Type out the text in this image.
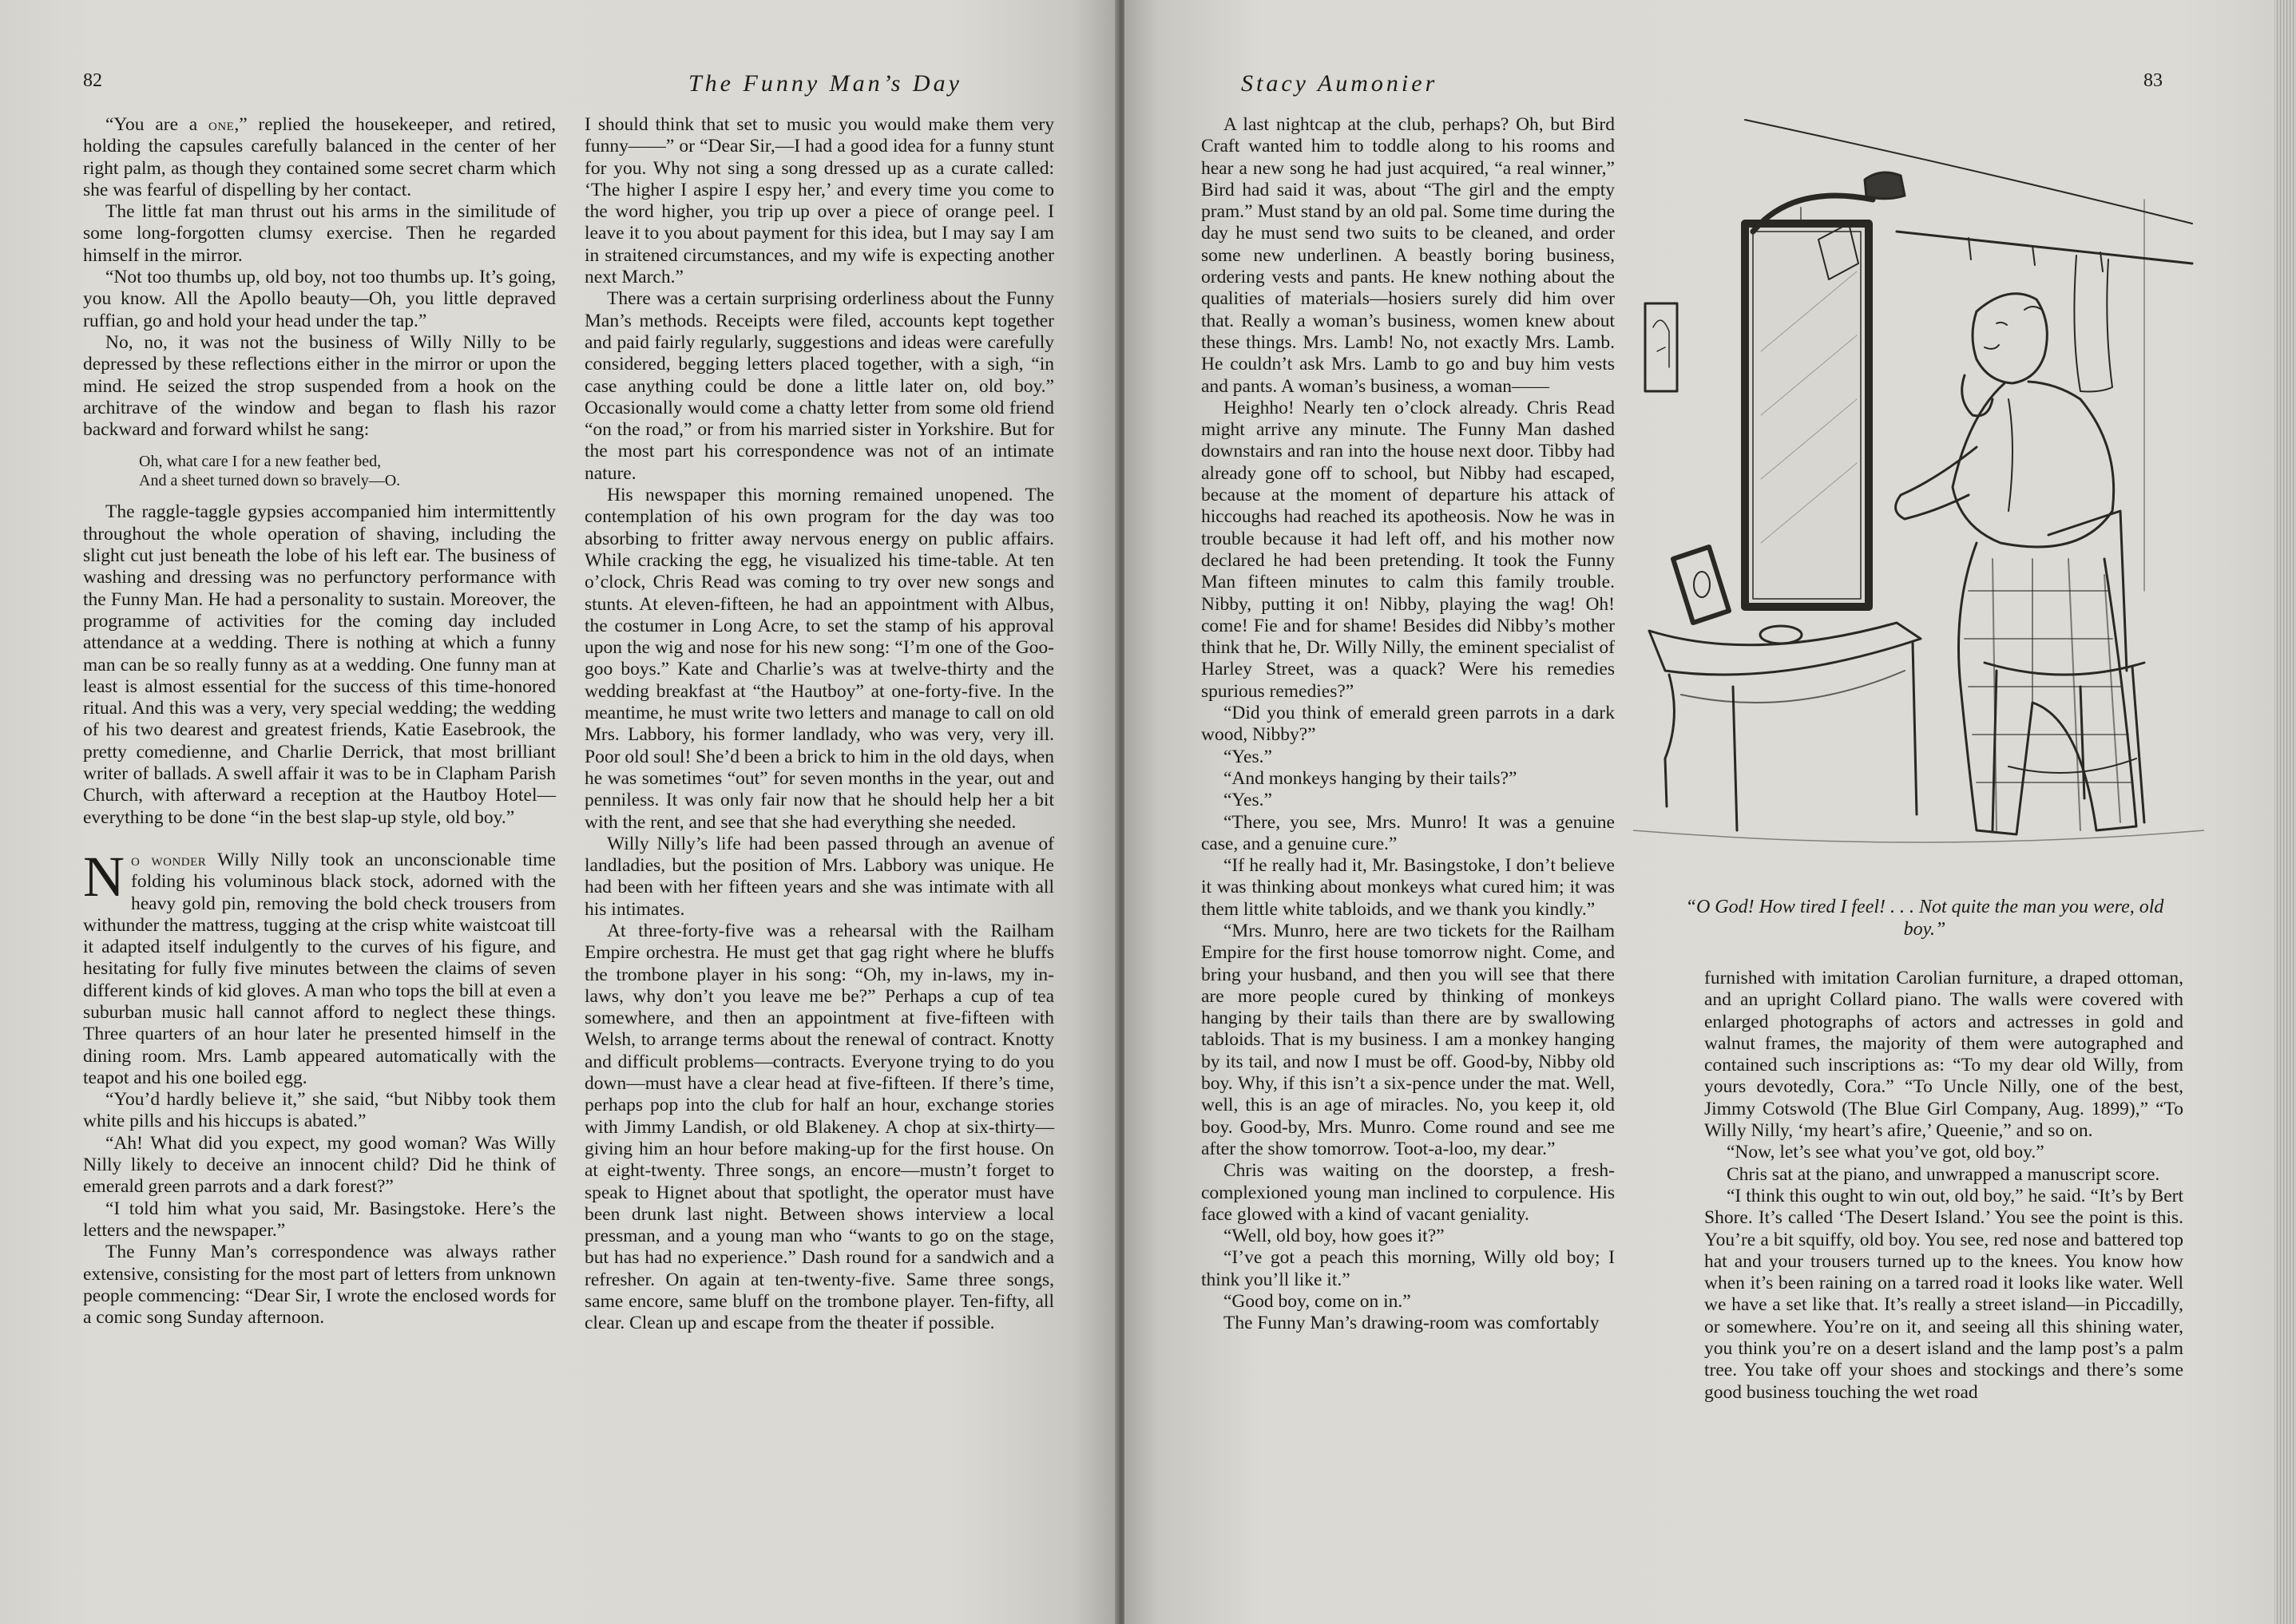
82	The Funny Man’s Day

“You are a one,” replied the housekeeper, and retired, holding the capsules carefully balanced in the center of her right palm, as though they contained some secret charm which she was fearful of dispelling by her contact.

The little fat man thrust out his arms in the similitude of some long-forgotten clumsy exercise. Then he regarded himself in the mirror.

“Not too thumbs up, old boy, not too thumbs up. It’s going, you know. All the Apollo beauty—Oh, you little depraved ruffian, go and hold your head under the tap.”

No, no, it was not the business of Willy Nilly to be depressed by these reflections either in the mirror or upon the mind. He seized the strop suspended from a hook on the architrave of the window and began to flash his razor backward and forward whilst he sang:

Oh, what care I for a new feather bed,
And a sheet turned down so bravely—O.

The raggle-taggle gypsies accompanied him intermittently throughout the whole operation of shaving, including the slight cut just beneath the lobe of his left ear. The business of washing and dressing was no perfunctory performance with the Funny Man. He had a personality to sustain. Moreover, the programme of activities for the coming day included attendance at a wedding. There is nothing at which a funny man can be so really funny as at a wedding. One funny man at least is almost essential for the success of this time-honored ritual. And this was a very, very special wedding; the wedding of his two dearest and greatest friends, Katie Easebrook, the pretty comedienne, and Charlie Derrick, that most brilliant writer of ballads. A swell affair it was to be in Clapham Parish Church, with afterward a reception at the Hautboy Hotel—everything to be done “in the best slap-up style, old boy.”

No wonder Willy Nilly took an unconscionable time folding his voluminous black stock, adorned with the heavy gold pin, removing the bold check trousers from withunder the mattress, tugging at the crisp white waistcoat till it adapted itself indulgently to the curves of his figure, and hesitating for fully five minutes between the claims of seven different kinds of kid gloves. A man who tops the bill at even a suburban music hall cannot afford to neglect these things. Three quarters of an hour later he presented himself in the dining room. Mrs. Lamb appeared automatically with the teapot and his one boiled egg.

“You’d hardly believe it,” she said, “but Nibby took them white pills and his hiccups is abated.”

“Ah! What did you expect, my good woman? Was Willy Nilly likely to deceive an innocent child? Did he think of emerald green parrots and a dark forest?”

“I told him what you said, Mr. Basingstoke. Here’s the letters and the newspaper.”

The Funny Man’s correspondence was always rather extensive, consisting for the most part of letters from unknown people commencing: “Dear Sir, I wrote the enclosed words for a comic song Sunday afternoon.

I should think that set to music you would make them very funny——” or “Dear Sir,—I had a good idea for a funny stunt for you. Why not sing a song dressed up as a curate called: ‘The higher I aspire I espy her,’ and every time you come to the word higher, you trip up over a piece of orange peel. I leave it to you about payment for this idea, but I may say I am in straitened circumstances, and my wife is expecting another next March.”

There was a certain surprising orderliness about the Funny Man’s methods. Receipts were filed, accounts kept together and paid fairly regularly, suggestions and ideas were carefully considered, begging letters placed together, with a sigh, “in case anything could be done a little later on, old boy.” Occasionally would come a chatty letter from some old friend “on the road,” or from his married sister in Yorkshire. But for the most part his correspondence was not of an intimate nature.

His newspaper this morning remained unopened. The contemplation of his own program for the day was too absorbing to fritter away nervous energy on public affairs. While cracking the egg, he visualized his time-table. At ten o’clock, Chris Read was coming to try over new songs and stunts. At eleven-fifteen, he had an appointment with Albus, the costumer in Long Acre, to set the stamp of his approval upon the wig and nose for his new song: “I’m one of the Goo-goo boys.” Kate and Charlie’s was at twelve-thirty and the wedding breakfast at “the Hautboy” at one-forty-five. In the meantime, he must write two letters and manage to call on old Mrs. Labbory, his former landlady, who was very, very ill. Poor old soul! She’d been a brick to him in the old days, when he was sometimes “out” for seven months in the year, out and penniless. It was only fair now that he should help her a bit with the rent, and see that she had everything she needed.

Willy Nilly’s life had been passed through an avenue of landladies, but the position of Mrs. Labbory was unique. He had been with her fifteen years and she was intimate with all his intimates.

At three-forty-five was a rehearsal with the Railham Empire orchestra. He must get that gag right where he bluffs the trombone player in his song: “Oh, my in-laws, my in-laws, why don’t you leave me be?” Perhaps a cup of tea somewhere, and then an appointment at five-fifteen with Welsh, to arrange terms about the renewal of contract. Knotty and difficult problems—contracts. Everyone trying to do you down—must have a clear head at five-fifteen. If there’s time, perhaps pop into the club for half an hour, exchange stories with Jimmy Landish, or old Blakeney. A chop at six-thirty—giving him an hour before making-up for the first house. On at eight-twenty. Three songs, an encore—mustn’t forget to speak to Hignet about that spotlight, the operator must have been drunk last night. Between shows interview a local pressman, and a young man who “wants to go on the stage, but has had no experience.” Dash round for a sandwich and a refresher. On again at ten-twenty-five. Same three songs, same encore, same bluff on the trombone player. Ten-fifty, all clear. Clean up and escape from the theater if possible.

Stacy Aumonier	83

A last nightcap at the club, perhaps? Oh, but Bird Craft wanted him to toddle along to his rooms and hear a new song he had just acquired, “a real winner,” Bird had said it was, about “The girl and the empty pram.” Must stand by an old pal. Some time during the day he must send two suits to be cleaned, and order some new underlinen. A beastly boring business, ordering vests and pants. He knew nothing about the qualities of materials—hosiers surely did him over that. Really a woman’s business, women knew about these things. Mrs. Lamb! No, not exactly Mrs. Lamb. He couldn’t ask Mrs. Lamb to go and buy him vests and pants. A woman’s business, a woman——

Heighho! Nearly ten o’clock already. Chris Read might arrive any minute. The Funny Man dashed downstairs and ran into the house next door. Tibby had already gone off to school, but Nibby had escaped, because at the moment of departure his attack of hiccoughs had reached its apotheosis. Now he was in trouble because it had left off, and his mother now declared he had been pretending. It took the Funny Man fifteen minutes to calm this family trouble. Nibby, putting it on! Nibby, playing the wag! Oh! come! Fie and for shame! Besides did Nibby’s mother think that he, Dr. Willy Nilly, the eminent specialist of Harley Street, was a quack? Were his remedies spurious remedies?”

“Did you think of emerald green parrots in a dark wood, Nibby?”

“Yes.”

“And monkeys hanging by their tails?”

“Yes.”

“There, you see, Mrs. Munro! It was a genuine case, and a genuine cure.”

“If he really had it, Mr. Basingstoke, I don’t believe it was thinking about monkeys what cured him; it was them little white tabloids, and we thank you kindly.”

“Mrs. Munro, here are two tickets for the Railham Empire for the first house tomorrow night. Come, and bring your husband, and then you will see that there are more people cured by thinking of monkeys hanging by their tails than there are by swallowing tabloids. That is my business. I am a monkey hanging by its tail, and now I must be off. Good-by, Nibby old boy. Why, if this isn’t a six-pence under the mat. Well, well, this is an age of miracles. No, you keep it, old boy. Good-by, Mrs. Munro. Come round and see me after the show tomorrow. Toot-a-loo, my dear.”

Chris was waiting on the doorstep, a fresh-complexioned young man inclined to corpulence. His face glowed with a kind of vacant geniality.

“Well, old boy, how goes it?”

“I’ve got a peach this morning, Willy old boy; I think you’ll like it.”

“Good boy, come on in.”

The Funny Man’s drawing-room was comfortably

furnished with imitation Carolian furniture, a draped ottoman, and an upright Collard piano. The walls were covered with enlarged photographs of actors and actresses in gold and walnut frames, the majority of them were autographed and contained such inscriptions as: “To my dear old Willy, from yours devotedly, Cora.” “To Uncle Nilly, one of the best, Jimmy Cotswold (The Blue Girl Company, Aug. 1899),” “To Willy Nilly, ‘my heart’s afire,’ Queenie,” and so on.

“Now, let’s see what you’ve got, old boy.”

Chris sat at the piano, and unwrapped a manuscript score.

“I think this ought to win out, old boy,” he said. “It’s by Bert Shore. It’s called ‘The Desert Island.’ You see the point is this. You’re a bit squiffy, old boy. You see, red nose and battered top hat and your trousers turned up to the knees. You know how when it’s been raining on a tarred road it looks like water. Well we have a set like that. It’s really a street island—in Piccadilly, or somewhere. You’re on it, and seeing all this shining water, you think you’re on a desert island and the lamp post’s a palm tree. You take off your shoes and stockings and there’s some good business touching the wet road

“O God! How tired I feel! . . . Not quite the man you were, old boy.”
